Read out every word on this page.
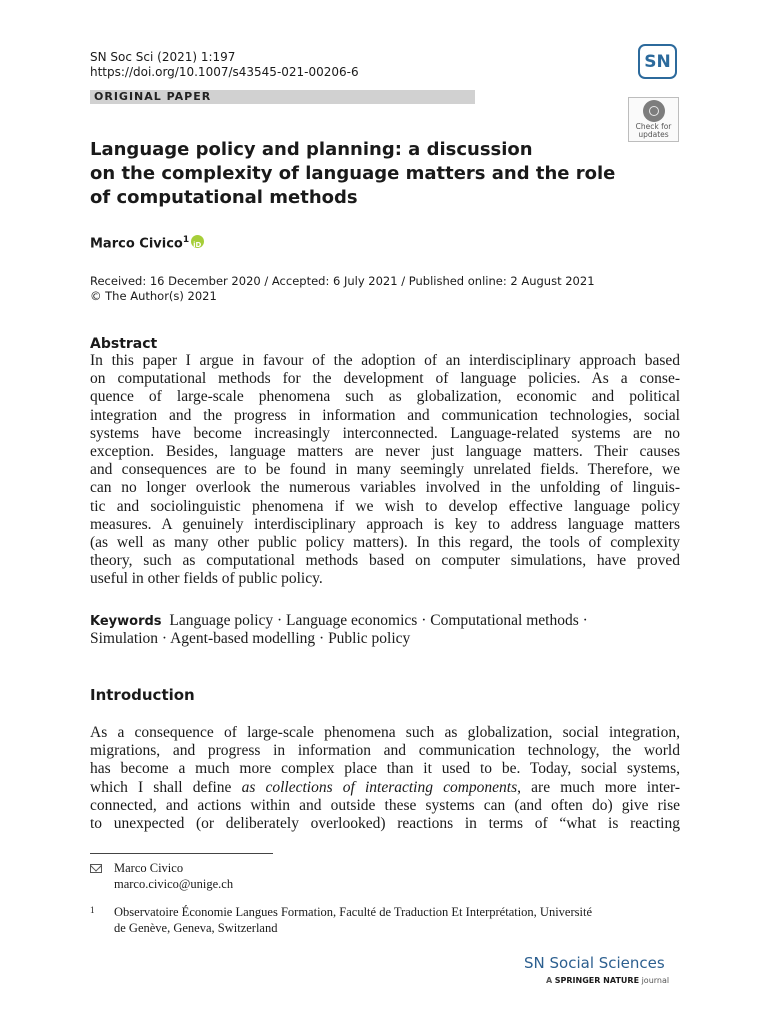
SN Soc Sci (2021) 1:197
https://doi.org/10.1007/s43545-021-00206-6
ORIGINAL PAPER
SN
Check for
updates
Language policy and planning: a discussion
on the complexity of language matters and the role
of computational methods
Marco Civico$^1$iD
Received: 16 December 2020 / Accepted: 6 July 2021 / Published online: 2 August 2021
© The Author(s) 2021
Abstract
In this paper I argue in favour of the adoption of an interdisciplinary approach based
on computational methods for the development of language policies. As a conse-
quence of large-scale phenomena such as globalization, economic and political
integration and the progress in information and communication technologies, social
systems have become increasingly interconnected. Language-related systems are no
exception. Besides, language matters are never just language matters. Their causes
and consequences are to be found in many seemingly unrelated fields. Therefore, we
can no longer overlook the numerous variables involved in the unfolding of linguis-
tic and sociolinguistic phenomena if we wish to develop effective language policy
measures. A genuinely interdisciplinary approach is key to address language matters
(as well as many other public policy matters). In this regard, the tools of complexity
theory, such as computational methods based on computer simulations, have proved
useful in other fields of public policy.
Keywords Language policy · Language economics · Computational methods ·
Simulation · Agent-based modelling · Public policy
Introduction
As a consequence of large-scale phenomena such as globalization, social integration,
migrations, and progress in information and communication technology, the world
has become a much more complex place than it used to be. Today, social systems,
which I shall define as collections of interacting components, are much more inter-
connected, and actions within and outside these systems can (and often do) give rise
to unexpected (or deliberately overlooked) reactions in terms of “what is reacting
Marco Civico
marco.civico@unige.ch
1 Observatoire Économie Langues Formation, Faculté de Traduction Et Interprétation, Université
de Genève, Geneva, Switzerland
SN Social Sciences
A SPRINGER NATURE journal
